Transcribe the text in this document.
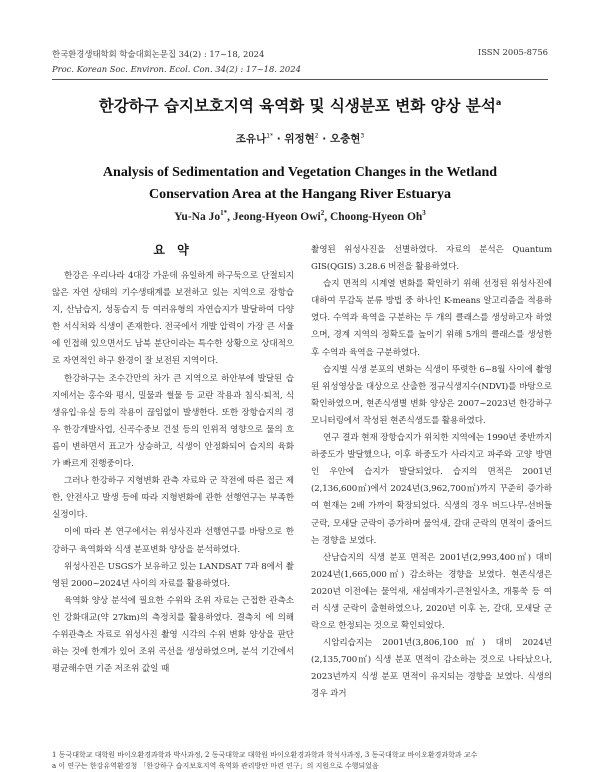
한국환경생태학회 학술대회논문집 34(2) : 17~18, 2024
Proc. Korean Soc. Environ. Ecol. Con. 34(2) : 17~18. 2024
ISSN 2005-8756
한강하구 습지보호지역 육역화 및 식생분포 변화 양상 분석$^a$
조유나$^{1*}$ · 위정현$^2$ · 오충현$^3$
Analysis of Sedimentation and Vegetation Changes in the Wetland Conservation Area at the Hangang River Estuarya
Yu-Na $Jo^{1*}$, Jeong-Hyeon Owi$^2$, Choong-Hyeon Oh$^3$
요 약

한강은 우리나라 4대강 가운데 유일하게 하구둑으로 단절되지 않은 자연 상태의 기수생태계를 보전하고 있는 지역으로 장항습지, 산남습지, 성동습지 등 여러유형의 자연습지가 발달하여 다양한 서식처와 식생이 존재한다. 전국에서 개발 압력이 가장 큰 서울에 인접해 있으면서도 남북 분단이라는 특수한 상황으로 상대적으로 자연적인 하구 환경이 잘 보전된 지역이다.

한강하구는 조수간만의 차가 큰 지역으로 하안부에 발달된 습지에서는 홍수와 평시, 밀물과 썰물 등 교란 작용과 침식·퇴적, 식생유입·유실 등의 작용이 끊임없이 발생한다. 또한 장항습지의 경우 한강개발사업, 신곡수중보 건설 등의 인위적 영향으로 물의 흐름이 변하면서 표고가 상승하고, 식생이 안정화되어 습지의 육화가 빠르게 진행중이다.

그러나 한강하구 지형변화 관측 자료와 군 작전에 따른 접근 제한, 안전사고 발생 등에 따라 지형변화에 관한 선행연구는 부족한 실정이다.

이에 따라 본 연구에서는 위성사진과 선행연구를 바탕으로 한강하구 육역화와 식생 분포변화 양상을 분석하였다.

위성사진은 USGS가 보유하고 있는 LANDSAT 7과 8에서 촬영된 2000~2024년 사이의 자료를 활용하였다.

육역화 양상 분석에 필요한 수위와 조위 자료는 근접한 관측소인 강화대교(약 27km)의 측정치를 활용하였다. 결측치 에 의해 수위관측소 자료로 위성사진 촬영 시각의 수위 변화 양상을 판단하는 것에 한계가 있어 조위 곡선을 생성하였으며, 분석 기간에서 평균해수면 기준 저조위 값일 때

촬영된 위성사진을 선별하였다. 자료의 분석은 Quantum GIS(QGIS) 3.28.6 버전을 활용하였다.

습지 면적의 시계열 변화를 확인하기 위해 선정된 위성사진에 대하여 무감독 분류 방법 중 하나인 K-means 알고리즘을 적용하였다. 수역과 육역을 구분하는 두 개의 클래스를 생성하고자 하였으며, 경계 지역의 정확도를 높이기 위해 5개의 클래스를 생성한 후 수역과 육역을 구분하였다.

습지별 식생 분포의 변화는 식생이 뚜렷한 6~8월 사이에 촬영된 위성영상을 대상으로 산출한 정규식생지수(NDVI)를 바탕으로 확인하였으며, 현존식생별 변화 양상은 2007~2023년 한강하구 모니터링에서 작성된 현존식생도를 활용하였다.

연구 결과 현재 장항습지가 위치한 지역에는 1990년 중반까지 하중도가 발달했으나, 이후 하중도가 사라지고 파주와 고양 방면인 우안에 습지가 발달되었다. 습지의 면적은 2001년(2,136,600㎡)에서 2024년(3,962,700㎡)까지 꾸준히 증가하여 현재는 2배 가까이 확장되었다. 식생의 경우 버드나무-선버들 군락, 모새달 군락이 증가하며 물억새, 갈대 군락의 면적이 줄어드는 경향을 보였다.

산남습지의 식생 분포 면적은 2001년(2,993,400㎡) 대비 2024년(1,665,000㎡) 감소하는 경향을 보였다. 현존식생은 2020년 이전에는 물억새, 새섬매자기-큰천일사초, 개통쑥 등 여러 식생 군락이 출현하였으나, 2020년 이후 논, 갈대, 모새달 군락으로 한정되는 것으로 확인되었다.

시암리습지는 2001년(3,806,100㎡) 대비 2024년(2,135,700㎡) 식생 분포 면적이 감소하는 것으로 나타났으나, 2023년까지 식생 분포 면적이 유지되는 경향을 보였다. 식생의 경우 과거

1 동국대학교 대학원 바이오환경과학과 박사과정, 2 동국대학교 대학원 바이오환경과학과 학석사과정, 3 동국대학교 바이오환경과학과 교수
a 이 연구는 한강유역환경청 「한강하구 습지보호지역 육역화 관리방안 마련 연구」의 지원으로 수행되었음
